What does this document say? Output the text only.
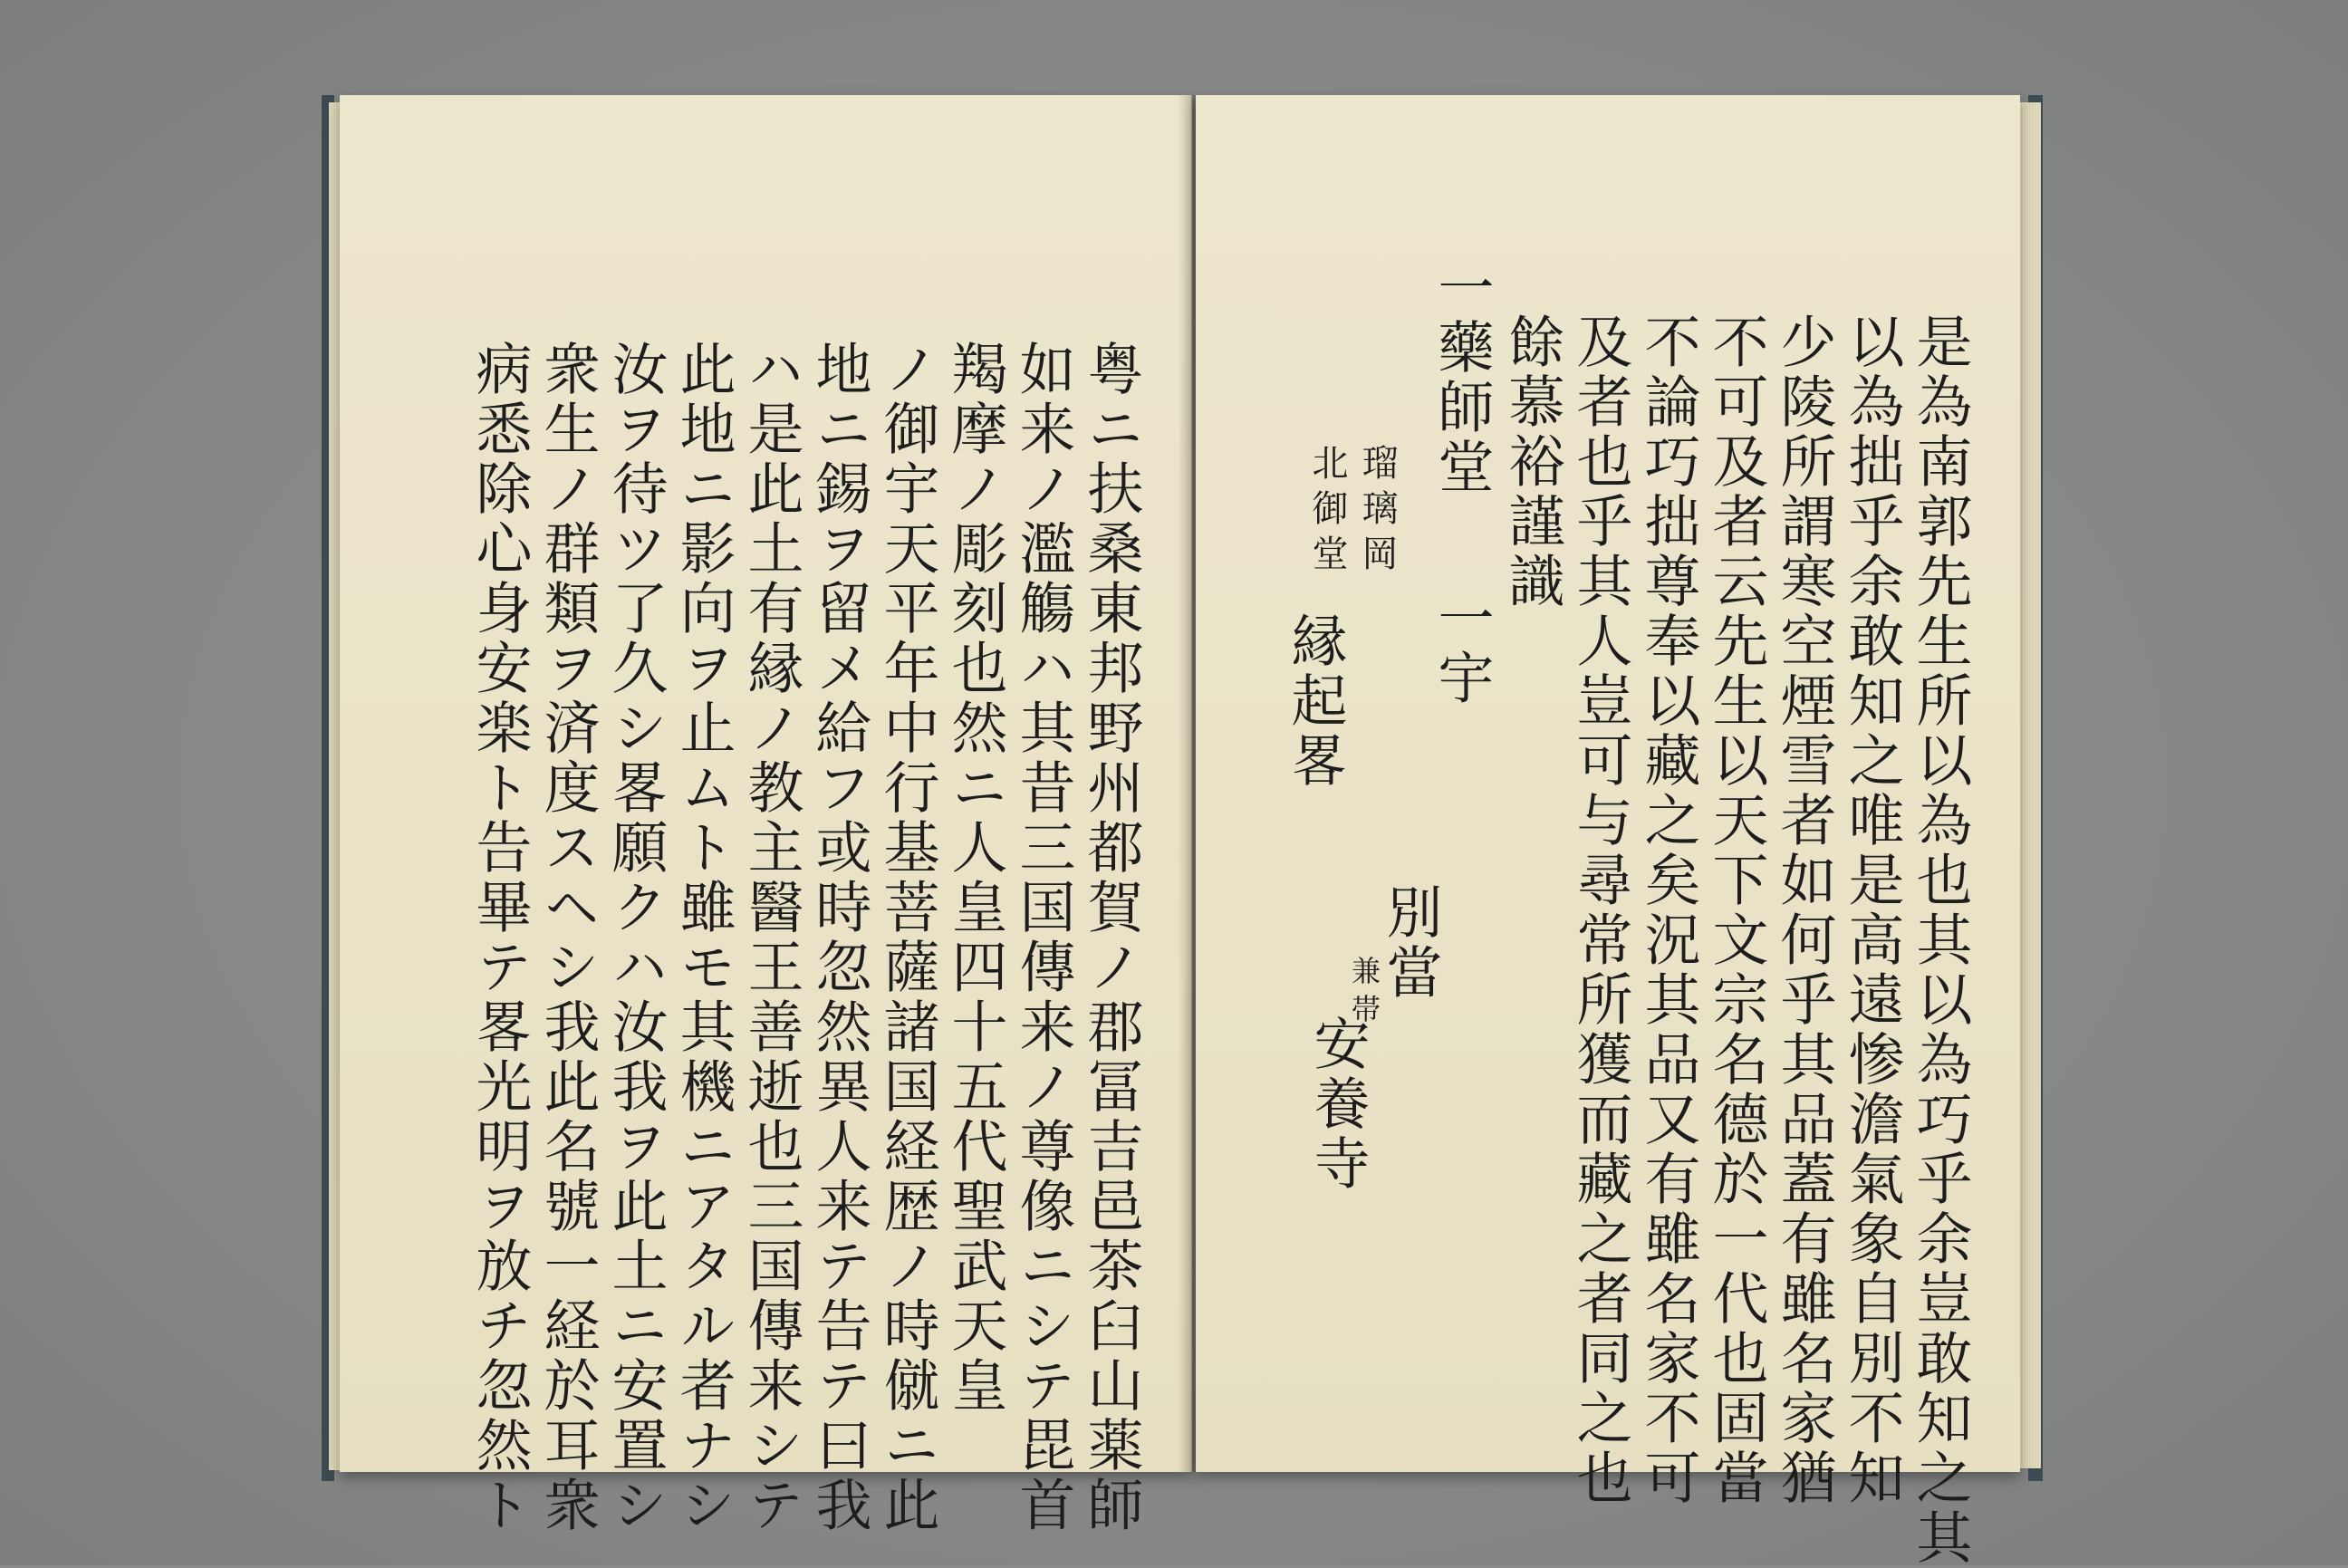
粤ニ扶桑東邦野州都賀ノ郡冨吉邑茶臼山薬師
如来ノ濫觴ハ其昔三国傳来ノ尊像ニシテ毘首
羯摩ノ彫刻也然ニ人皇四十五代聖武天皇
ノ御宇天平年中行基菩薩諸国経歴ノ時僦ニ此
地ニ錫ヲ留メ給フ或時忽然異人来テ告テ曰我
ハ是此土有縁ノ教主醫王善逝也三国傳来シテ
此地ニ影向ヲ止ムト雖モ其機ニアタル者ナシ
汝ヲ待ツ了久シ畧願クハ汝我ヲ此土ニ安置シ
衆生ノ群類ヲ済度スヘシ我此名號一経於耳衆
病悉除心身安楽ト告畢テ畧光明ヲ放チ忽然ト	是為南郭先生所以為也其以為巧乎余豈敢知之其
以為拙乎余敢知之唯是高遠惨澹氣象自別不知
少陵所謂寒空煙雪者如何乎其品蓋有雖名家猶
不可及者云先生以天下文宗名德於一代也固當
不論巧拙尊奉以藏之矣況其品又有雖名家不可
及者也乎其人豈可与尋常所獲而藏之者同之也
餘慕裕謹識
一藥師堂
一宇
瑠璃岡
北御堂
縁起畧
別當
兼帯
安養寺
